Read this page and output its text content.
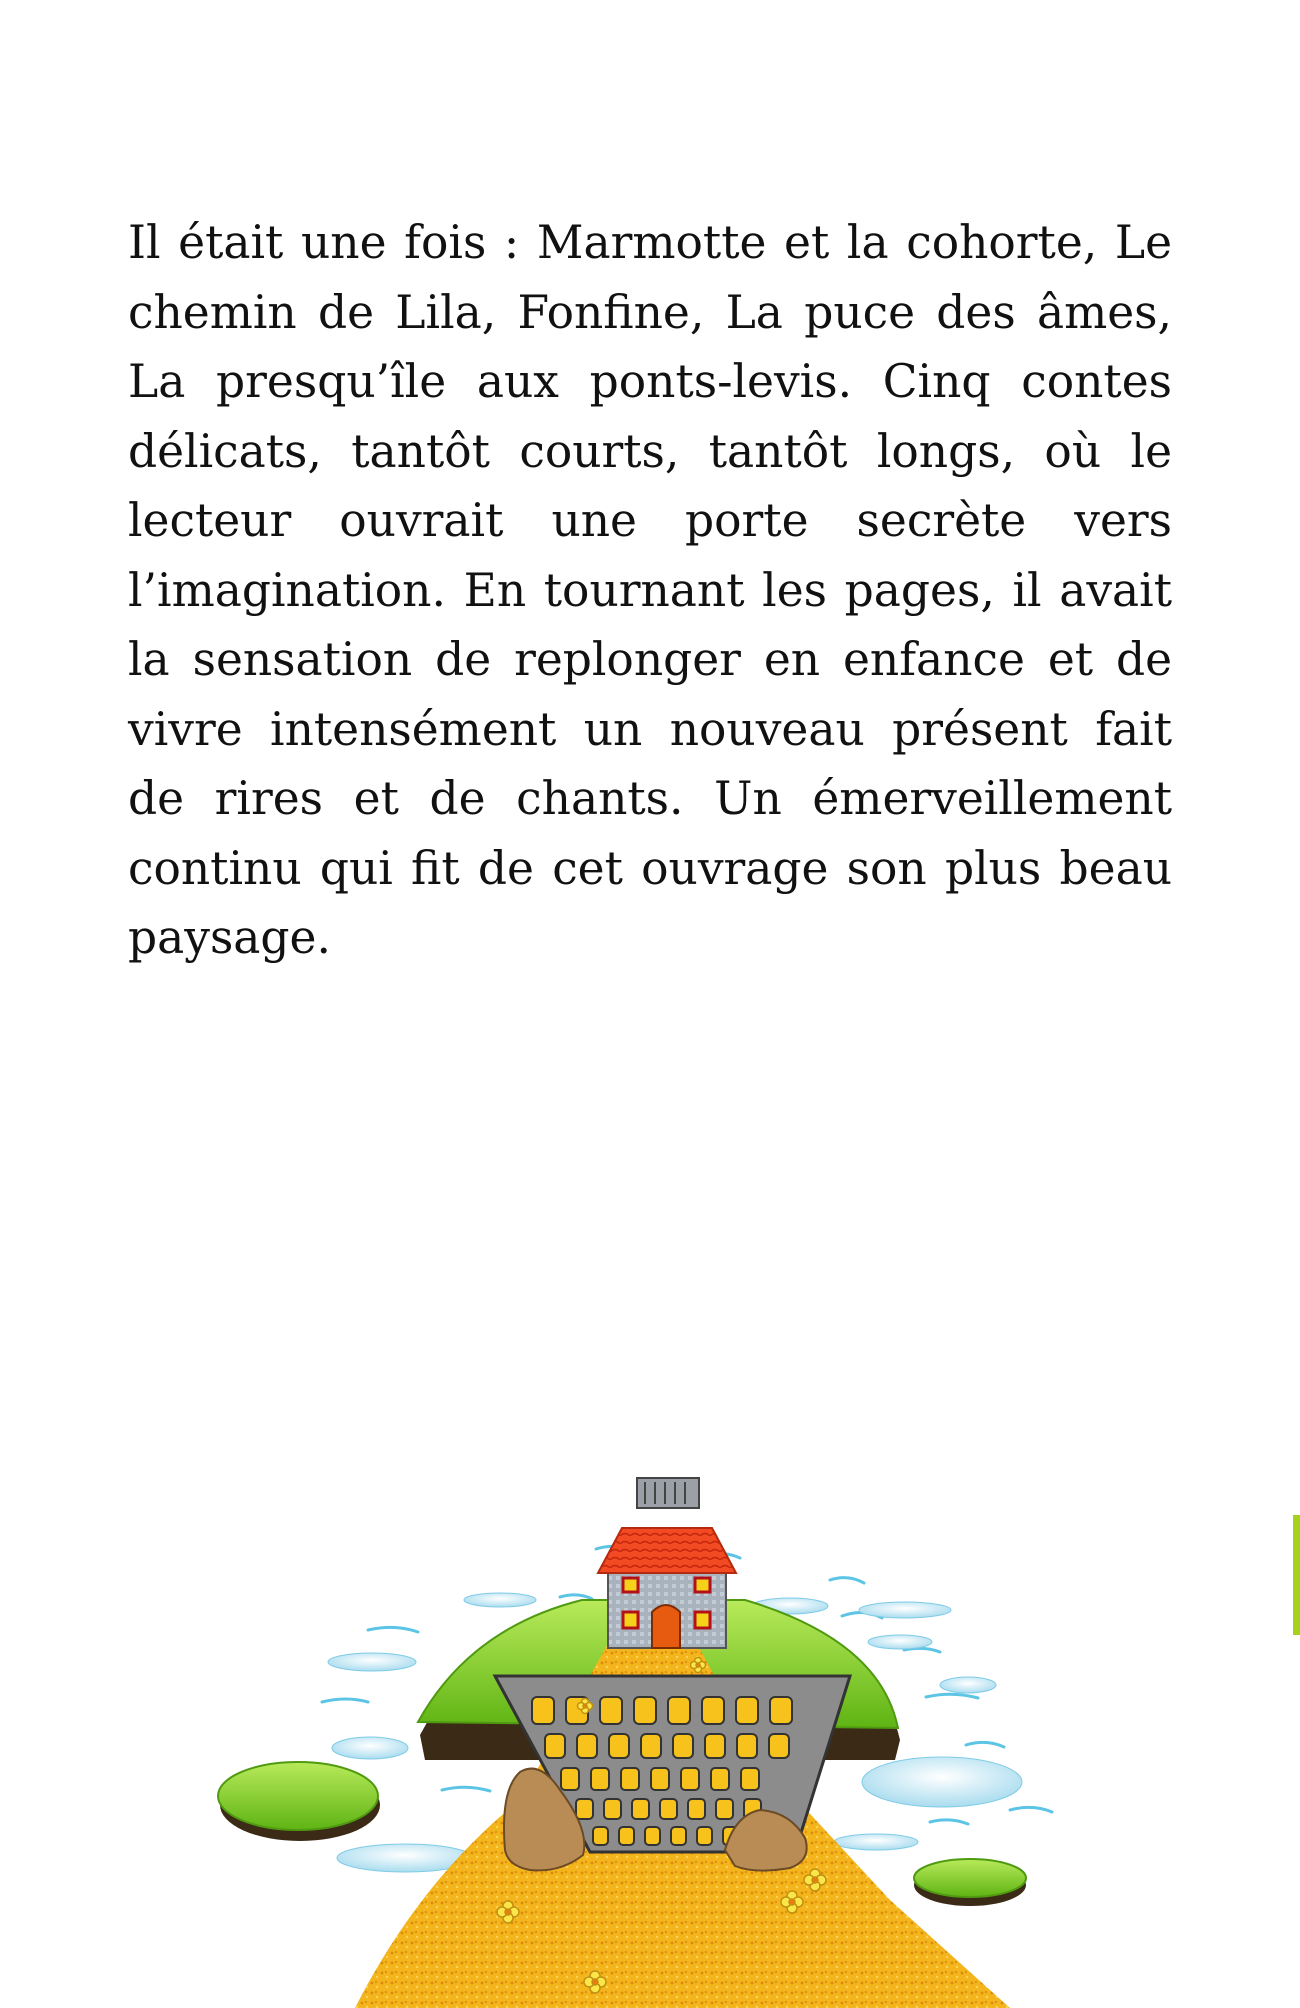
Il était une fois : Marmotte et la cohorte, Le chemin de Lila, Fonfine, La puce des âmes, La presqu’île aux ponts-levis. Cinq contes délicats, tantôt courts, tantôt longs, où le lecteur ouvrait une porte secrète vers l’imagination. En tournant les pages, il avait la sensation de replonger en enfance et de vivre intensément un nouveau présent fait de rires et de chants. Un émerveillement continu qui fit de cet ouvrage son plus beau paysage.
